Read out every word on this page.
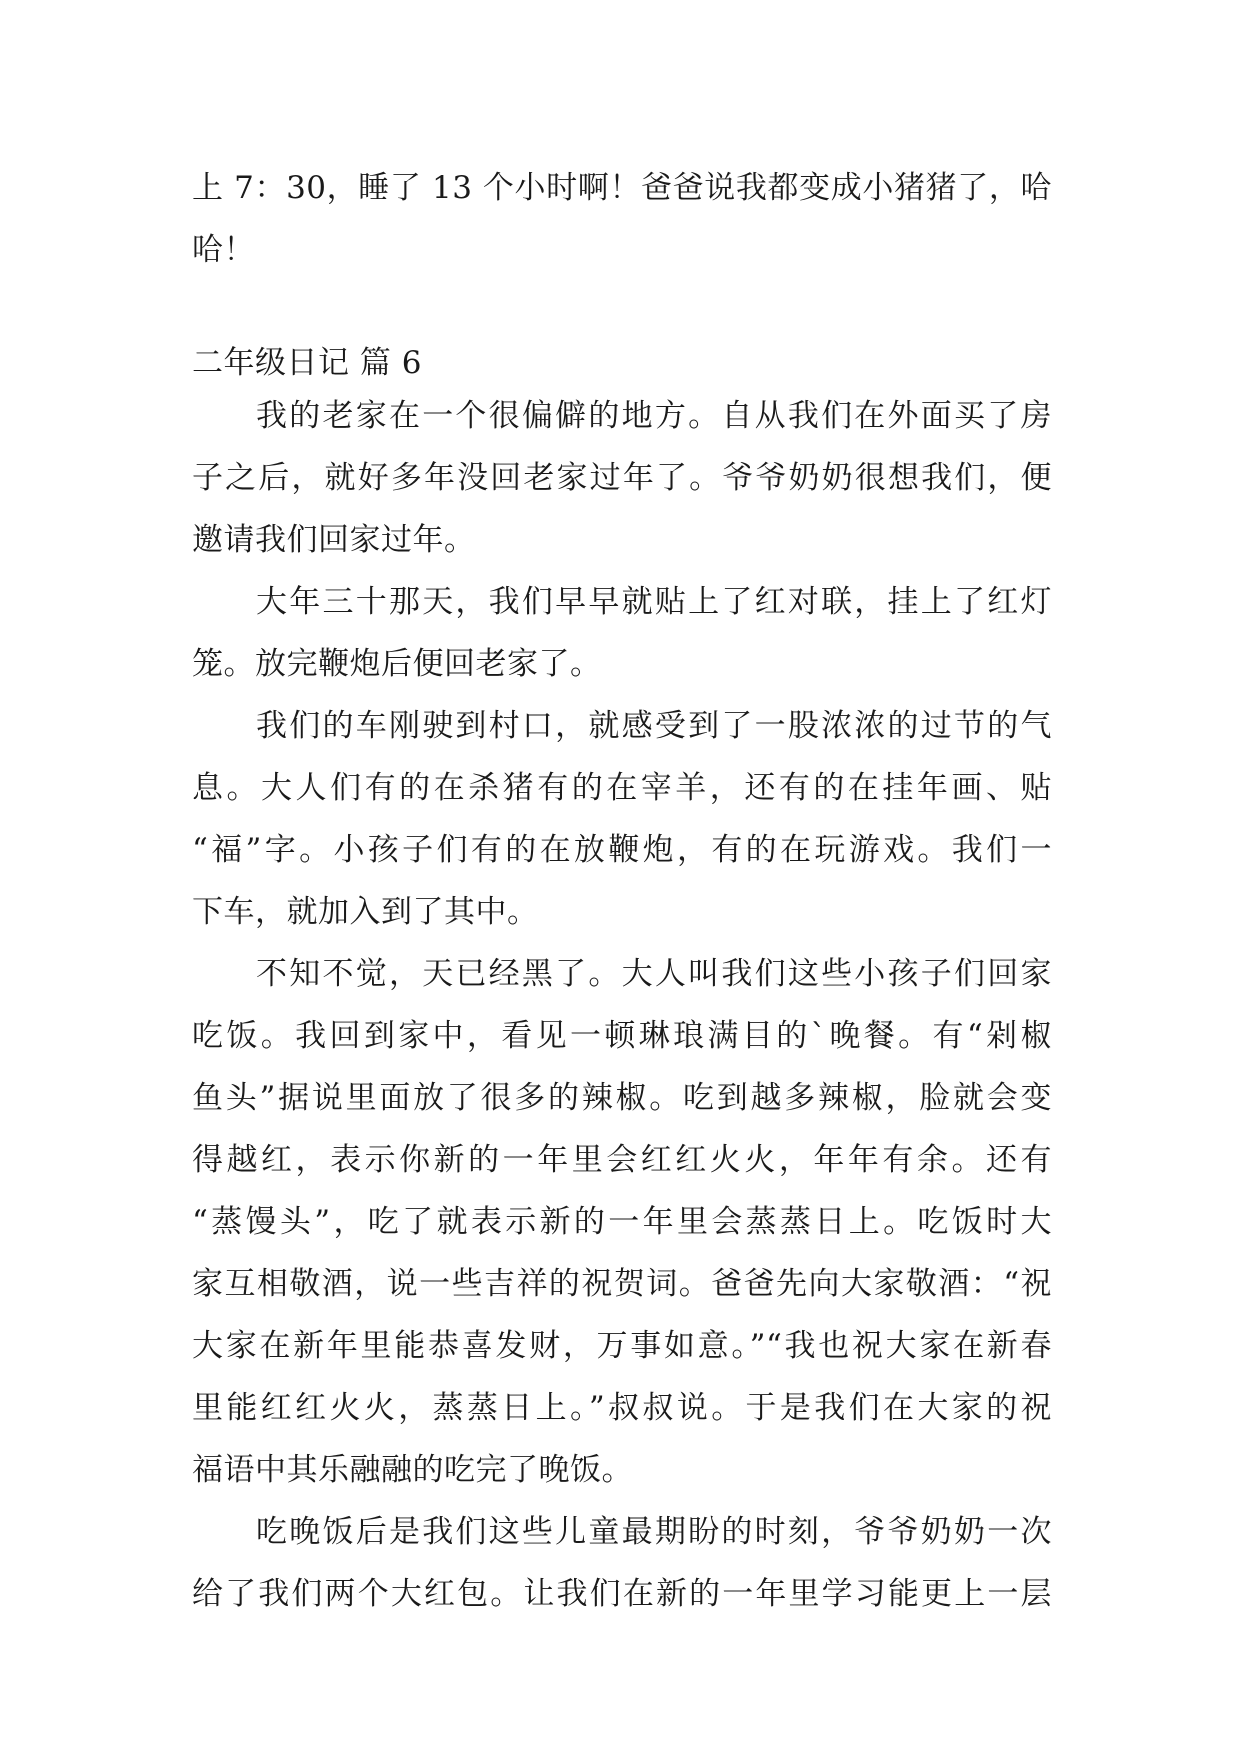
上 7：30，睡了 13 个小时啊！爸爸说我都变成小猪猪了，哈
哈！
二年级日记 篇 6
我的老家在一个很偏僻的地方。自从我们在外面买了房
子之后，就好多年没回老家过年了。爷爷奶奶很想我们，便
邀请我们回家过年。
大年三十那天，我们早早就贴上了红对联，挂上了红灯
笼。放完鞭炮后便回老家了。
我们的车刚驶到村口，就感受到了一股浓浓的过节的气
息。大人们有的在杀猪有的在宰羊，还有的在挂年画、贴
“福”字。小孩子们有的在放鞭炮，有的在玩游戏。我们一
下车，就加入到了其中。
不知不觉，天已经黑了。大人叫我们这些小孩子们回家
吃饭。我回到家中，看见一顿琳琅满目的`晚餐。有“剁椒
鱼头”据说里面放了很多的辣椒。吃到越多辣椒，脸就会变
得越红，表示你新的一年里会红红火火，年年有余。还有
“蒸馒头”，吃了就表示新的一年里会蒸蒸日上。吃饭时大
家互相敬酒，说一些吉祥的祝贺词。爸爸先向大家敬酒：“祝
大家在新年里能恭喜发财，万事如意。”“我也祝大家在新春
里能红红火火，蒸蒸日上。”叔叔说。于是我们在大家的祝
福语中其乐融融的吃完了晚饭。
吃晚饭后是我们这些儿童最期盼的时刻，爷爷奶奶一次
给了我们两个大红包。让我们在新的一年里学习能更上一层
